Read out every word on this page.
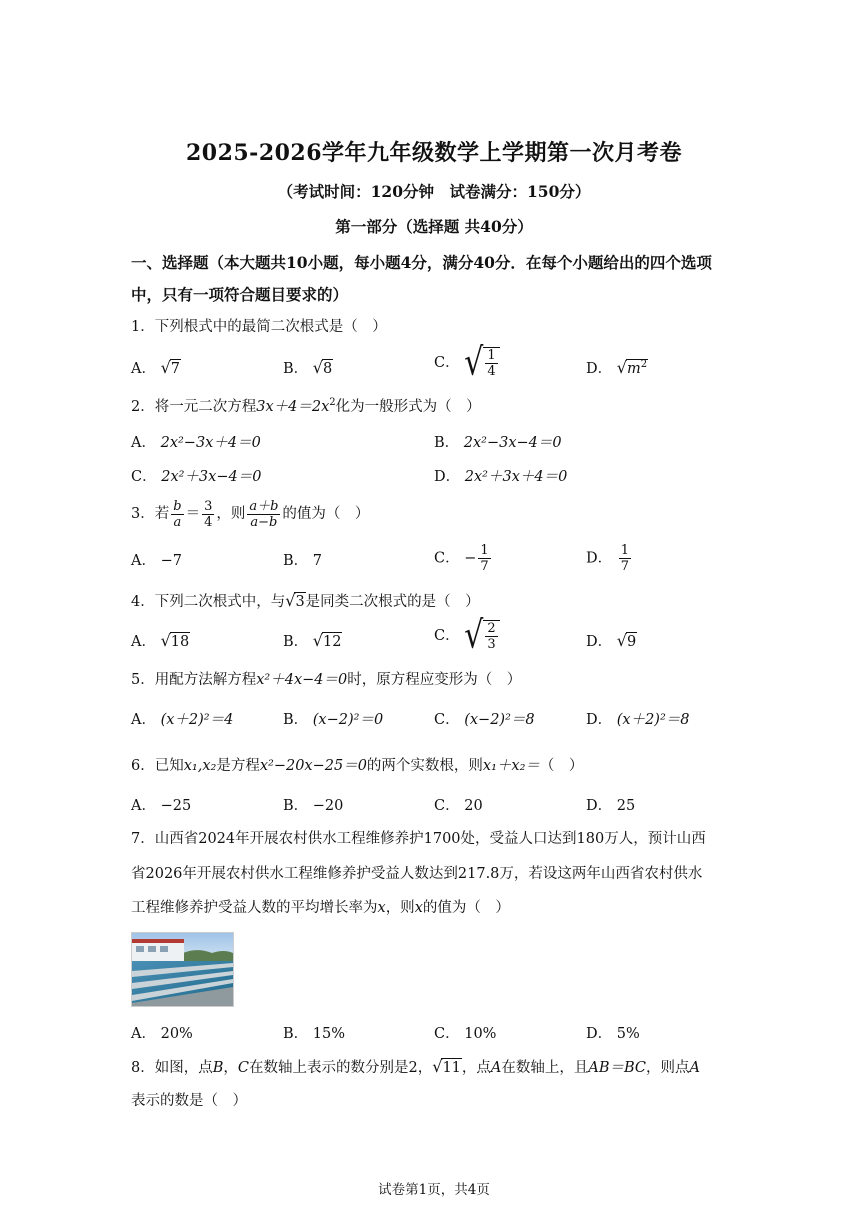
2025-2026学年九年级数学上学期第一次月考卷
（考试时间：120分钟　试卷满分：150分）
第一部分（选择题 共40分）
一、选择题（本大题共10小题，每小题4分，满分40分．在每个小题给出的四个选项中，只有一项符合题目要求的）
1．下列根式中的最简二次根式是（　）
A． √7	B． √8	C． √ $\frac{1}{4}$	D． $√m^2$
2．将一元二次方程$3x+4=2x^2$化为一般形式为（　）
A． 2x²−3x＋4＝0	B． 2x²−3x−4＝0
C． 2x²＋3x−4＝0	D． 2x²＋3x＋4＝0
3．若 $\frac{b}{a} = \frac{3}{4}$ ，则 $\frac{a+b}{a-b}$ 的值为（　）
A． −7	B． 7	C． − $\frac{1}{7}$	D． $\frac{1}{7}$
4．下列二次根式中，与√3是同类二次根式的是（　）
A． √18	B． √12	C． √ $\frac{2}{3}$	D． √9
5．用配方法解方程x²＋4x−4＝0时，原方程应变形为（　）
A． (x＋2)²＝4	B． (x−2)²＝0	C． (x−2)²＝8	D． (x＋2)²＝8
6．已知x₁,x₂是方程x²−20x−25＝0的两个实数根，则x₁＋x₂＝（　）
A． −25	B． −20	C． 20	D． 25
7．山西省2024年开展农村供水工程维修养护1700处，受益人口达到180万人，预计山西
省2026年开展农村供水工程维修养护受益人数达到217.8万，若设这两年山西省农村供水
工程维修养护受益人数的平均增长率为x，则x的值为（　）
A． 20%	B． 15%	C． 10%	D． 5%
8．如图，点B，C在数轴上表示的数分别是2，√11，点A在数轴上，且AB＝BC，则点A
表示的数是（　）
试卷第1页，共4页
